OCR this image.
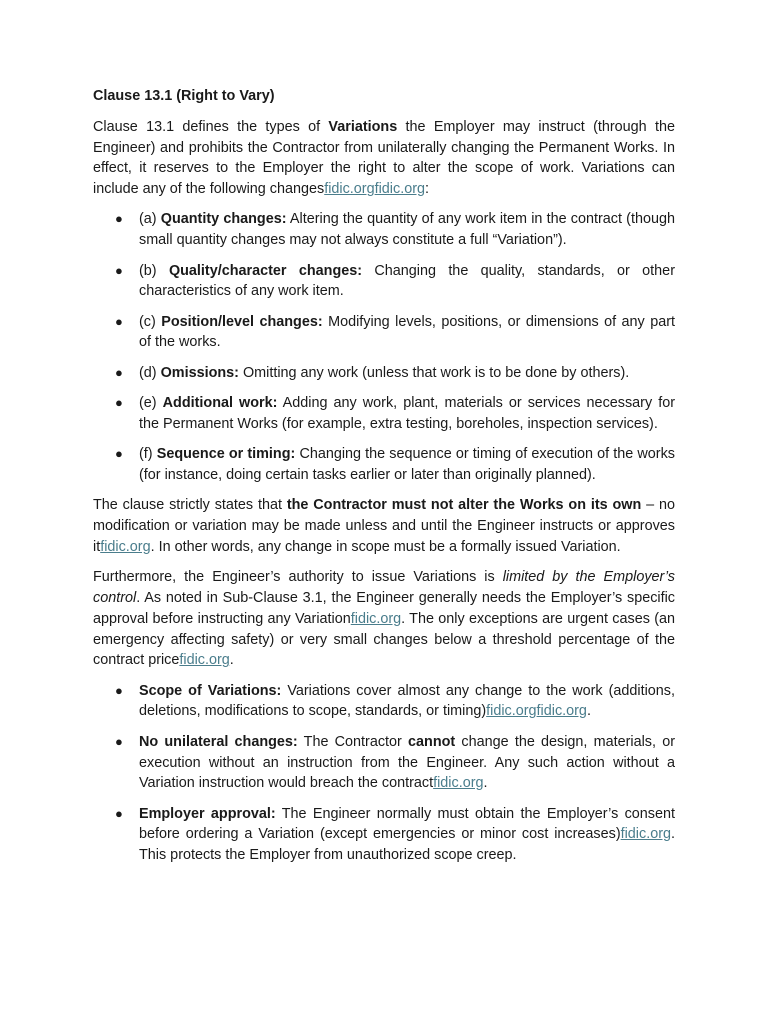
Clause 13.1 (Right to Vary)

Clause 13.1 defines the types of Variations the Employer may instruct (through the Engineer) and prohibits the Contractor from unilaterally changing the Permanent Works. In effect, it reserves to the Employer the right to alter the scope of work. Variations can include any of the following changesfidic.orgfidic.org:

● (a) Quantity changes: Altering the quantity of any work item in the contract (though small quantity changes may not always constitute a full “Variation”).
● (b) Quality/character changes: Changing the quality, standards, or other characteristics of any work item.
● (c) Position/level changes: Modifying levels, positions, or dimensions of any part of the works.
● (d) Omissions: Omitting any work (unless that work is to be done by others).
● (e) Additional work: Adding any work, plant, materials or services necessary for the Permanent Works (for example, extra testing, boreholes, inspection services).
● (f) Sequence or timing: Changing the sequence or timing of execution of the works (for instance, doing certain tasks earlier or later than originally planned).

The clause strictly states that the Contractor must not alter the Works on its own – no modification or variation may be made unless and until the Engineer instructs or approves itfidic.org. In other words, any change in scope must be a formally issued Variation.

Furthermore, the Engineer’s authority to issue Variations is limited by the Employer’s control. As noted in Sub-Clause 3.1, the Engineer generally needs the Employer’s specific approval before instructing any Variationfidic.org. The only exceptions are urgent cases (an emergency affecting safety) or very small changes below a threshold percentage of the contract pricefidic.org.

● Scope of Variations: Variations cover almost any change to the work (additions, deletions, modifications to scope, standards, or timing)fidic.orgfidic.org.
● No unilateral changes: The Contractor cannot change the design, materials, or execution without an instruction from the Engineer. Any such action without a Variation instruction would breach the contractfidic.org.
● Employer approval: The Engineer normally must obtain the Employer’s consent before ordering a Variation (except emergencies or minor cost increases)fidic.org. This protects the Employer from unauthorized scope creep.
